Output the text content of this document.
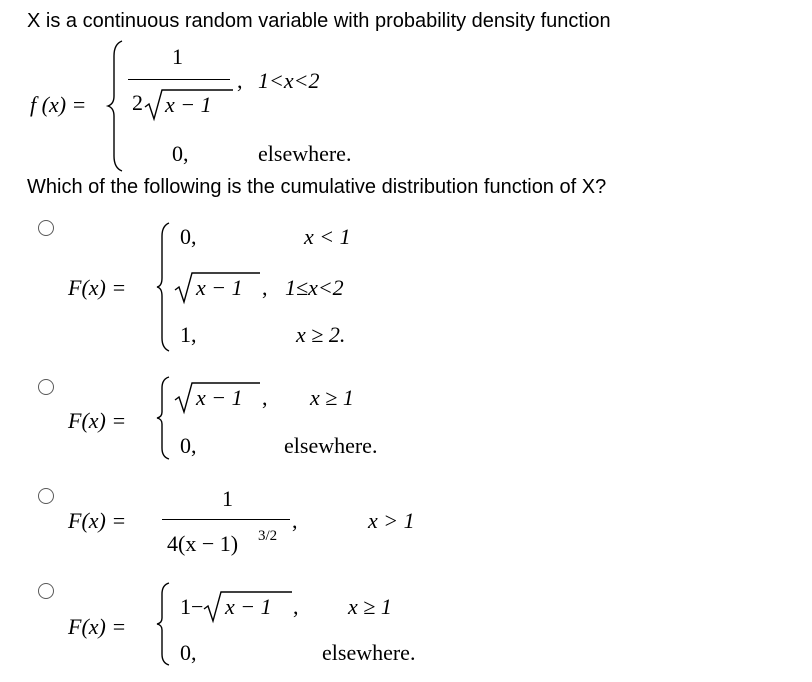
X is a continuous random variable with probability density function
f (x) =
1
2 x − 1
, 1<x<2
0,	elsewhere.
Which of the following is the cumulative distribution function of X?
F(x) =
0,	x < 1
x − 1 , 1≤x<2
1,	x ≥ 2.
F(x) =
x − 1 , x ≥ 1
0,	elsewhere.
F(x) =
1
4(x − 1) 3/2
,	x > 1
F(x) =
1− x − 1 , x ≥ 1
0,	elsewhere.
